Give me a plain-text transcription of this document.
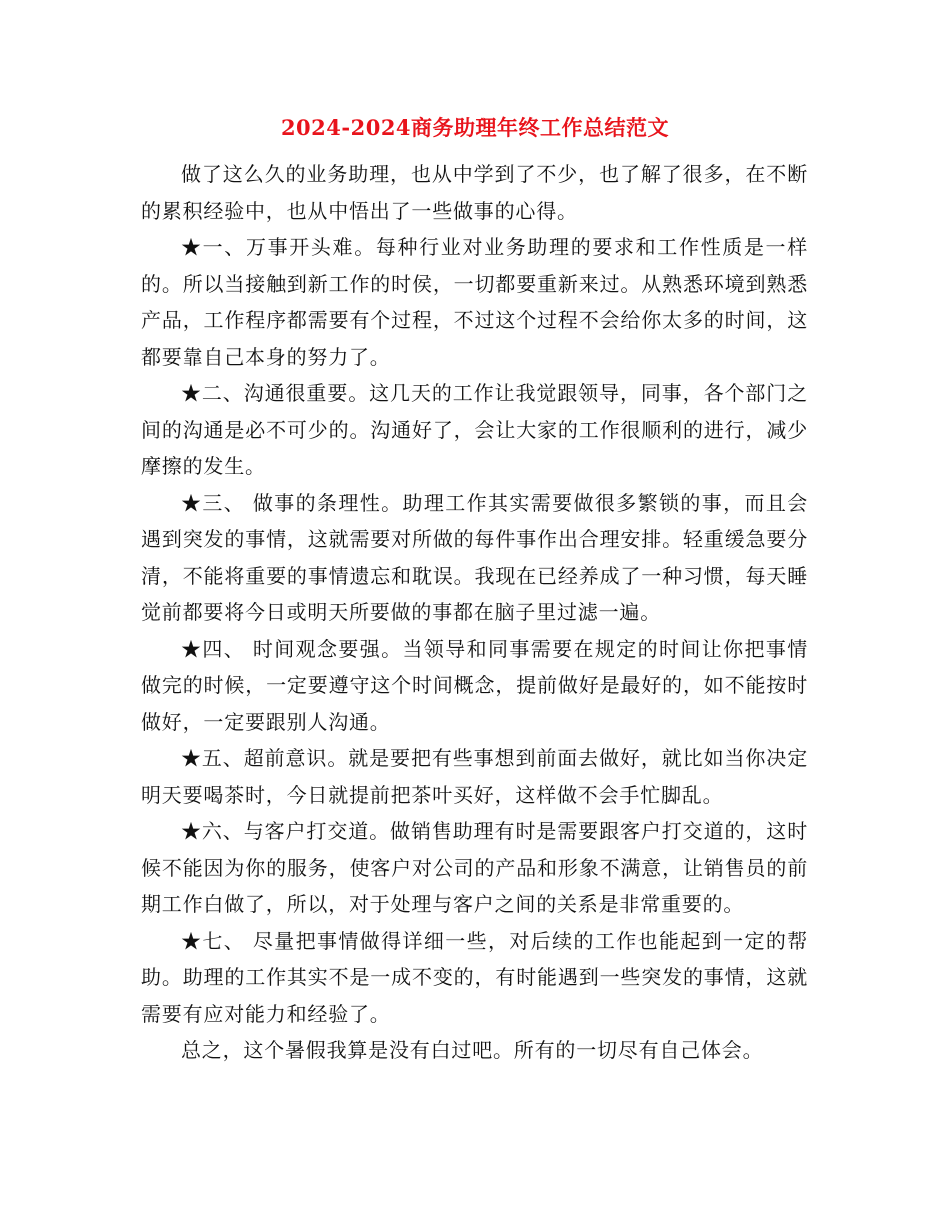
2024-2024商务助理年终工作总结范文

做了这么久的业务助理，也从中学到了不少，也了解了很多，在不断的累积经验中，也从中悟出了一些做事的心得。

★一、万事开头难。每种行业对业务助理的要求和工作性质是一样的。所以当接触到新工作的时侯，一切都要重新来过。从熟悉环境到熟悉产品，工作程序都需要有个过程，不过这个过程不会给你太多的时间，这都要靠自己本身的努力了。

★二、沟通很重要。这几天的工作让我觉跟领导，同事，各个部门之间的沟通是必不可少的。沟通好了，会让大家的工作很顺利的进行，减少摩擦的发生。

★三、 做事的条理性。助理工作其实需要做很多繁锁的事，而且会遇到突发的事情，这就需要对所做的每件事作出合理安排。轻重缓急要分清，不能将重要的事情遗忘和耽误。我现在已经养成了一种习惯，每天睡觉前都要将今日或明天所要做的事都在脑子里过滤一遍。

★四、 时间观念要强。当领导和同事需要在规定的时间让你把事情做完的时候，一定要遵守这个时间概念，提前做好是最好的，如不能按时做好，一定要跟别人沟通。

★五、超前意识。就是要把有些事想到前面去做好，就比如当你决定明天要喝茶时，今日就提前把茶叶买好，这样做不会手忙脚乱。

★六、与客户打交道。做销售助理有时是需要跟客户打交道的，这时候不能因为你的服务，使客户对公司的产品和形象不满意，让销售员的前期工作白做了，所以，对于处理与客户之间的关系是非常重要的。

★七、 尽量把事情做得详细一些，对后续的工作也能起到一定的帮助。助理的工作其实不是一成不变的，有时能遇到一些突发的事情，这就需要有应对能力和经验了。

总之，这个暑假我算是没有白过吧。所有的一切尽有自己体会。
